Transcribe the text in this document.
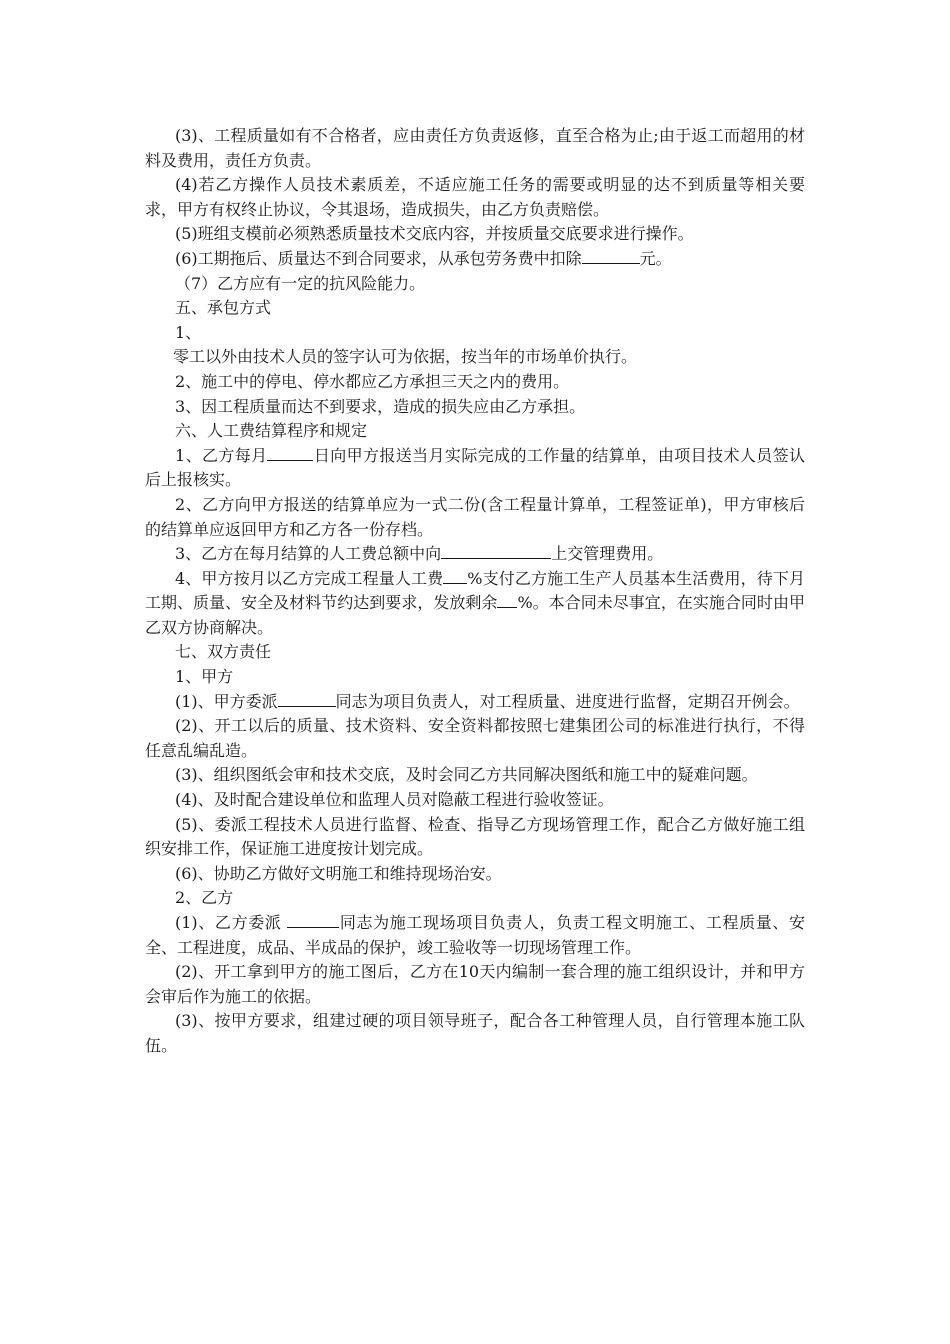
(3)、工程质量如有不合格者，应由责任方负责返修，直至合格为止;由于返工而超用的材料及费用，责任方负责。

(4)若乙方操作人员技术素质差，不适应施工任务的需要或明显的达不到质量等相关要求，甲方有权终止协议，令其退场，造成损失，由乙方负责赔偿。

(5)班组支模前必须熟悉质量技术交底内容，并按质量交底要求进行操作。

(6)工期拖后、质量达不到合同要求，从承包劳务费中扣除	元。

（7）乙方应有一定的抗风险能力。

五、承包方式

1、

零工以外由技术人员的签字认可为依据，按当年的市场单价执行。

2、施工中的停电、停水都应乙方承担三天之内的费用。

3、因工程质量而达不到要求，造成的损失应由乙方承担。

六、人工费结算程序和规定

1、乙方每月	日向甲方报送当月实际完成的工作量的结算单，由项目技术人员签认后上报核实。

2、乙方向甲方报送的结算单应为一式二份(含工程量计算单，工程签证单)，甲方审核后的结算单应返回甲方和乙方各一份存档。

3、乙方在每月结算的人工费总额中向	上交管理费用。

4、甲方按月以乙方完成工程量人工费 %支付乙方施工生产人员基本生活费用，待下月工期、质量、安全及材料节约达到要求，发放剩余 %。本合同未尽事宜，在实施合同时由甲乙双方协商解决。

七、双方责任

1、甲方

(1)、甲方委派	同志为项目负责人，对工程质量、进度进行监督，定期召开例会。

(2)、开工以后的质量、技术资料、安全资料都按照七建集团公司的标准进行执行，不得任意乱编乱造。

(3)、组织图纸会审和技术交底，及时会同乙方共同解决图纸和施工中的疑难问题。

(4)、及时配合建设单位和监理人员对隐蔽工程进行验收签证。

(5)、委派工程技术人员进行监督、检查、指导乙方现场管理工作，配合乙方做好施工组织安排工作，保证施工进度按计划完成。

(6)、协助乙方做好文明施工和维持现场治安。

2、乙方

(1)、乙方委派	同志为施工现场项目负责人，负责工程文明施工、工程质量、安全、工程进度，成品、半成品的保护，竣工验收等一切现场管理工作。

(2)、开工拿到甲方的施工图后，乙方在10天内编制一套合理的施工组织设计，并和甲方会审后作为施工的依据。

(3)、按甲方要求，组建过硬的项目领导班子，配合各工种管理人员，自行管理本施工队伍。
